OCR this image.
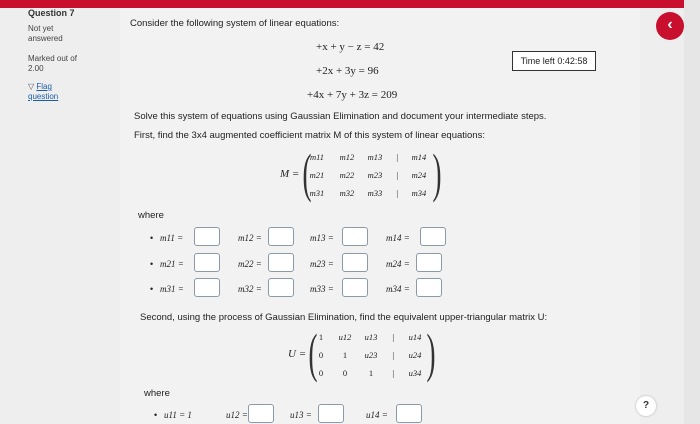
Question 7
Not yet
answered
Marked out of
2.00
▽ Flag
question
Consider the following system of linear equations:
+x + y − z = 42
+2x + 3y = 96
+4x + 7y + 3z = 209
Solve this system of equations using Gaussian Elimination and document your intermediate steps.
First, find the 3x4 augmented coefficient matrix M of this system of linear equations:
M = ( )
m11	m12	m13	|	m14
m21	m22	m23	|	m24
m31	m32	m33	|	m34
where
• m11 =	m12 =	m13 =	m14 =
• m21 =	m22 =	m23 =	m24 =
• m31 =	m32 =	m33 =	m34 =
Second, using the process of Gaussian Elimination, find the equivalent upper-triangular matrix U:
U = ( )
1	u12	u13	|	u14
0	1	u23	|	u24
0	0	1	|	u34
where
• u11 = 1	u12 =	u13 =	u14 =
Time left 0:42:58
‹
?
